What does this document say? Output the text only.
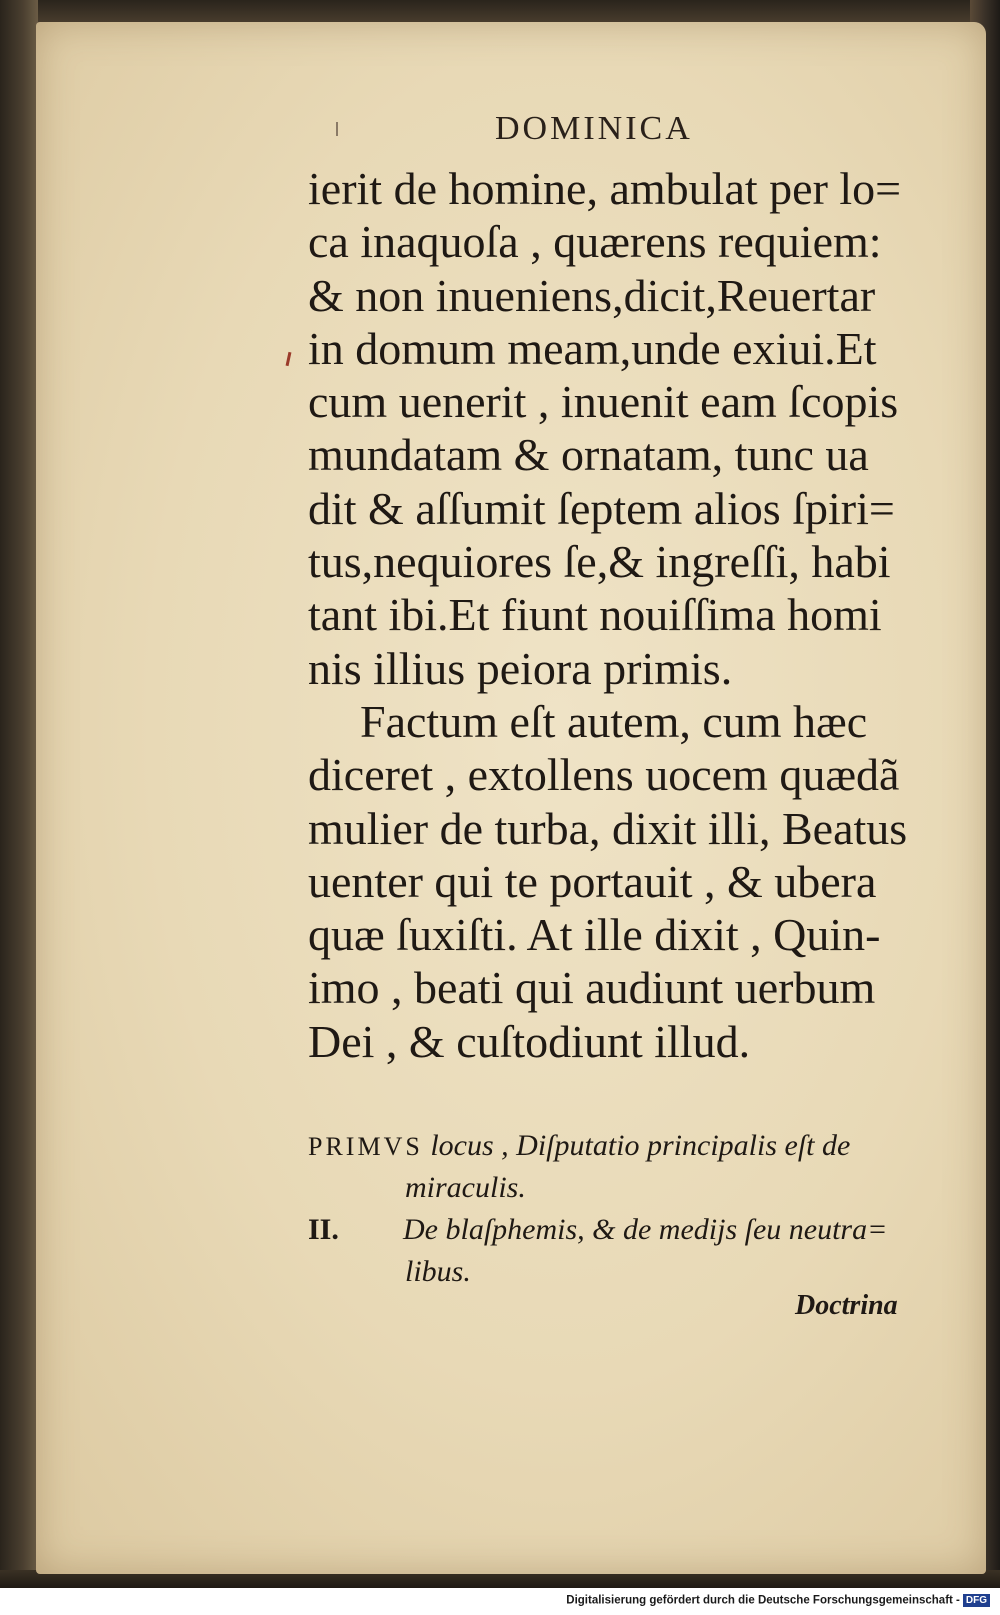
DOMINICA
ierit de homine, ambulat per lo=
ca inaquoſa , quærens requiem:
& non inueniens,dicit,Reuertar
in domum meam,unde exiui.Et
cum uenerit , inuenit eam ſcopis
mundatam & ornatam, tunc ua
dit & aſſumit ſeptem alios ſpiri=
tus,nequiores ſe,& ingreſſi, habi
tant ibi.Et fiunt nouiſſima homi
nis illius peiora primis.
Factum eſt autem, cum hæc
diceret , extollens uocem quædã
mulier de turba, dixit illi, Beatus
uenter qui te portauit , & ubera
quæ ſuxiſti. At ille dixit , Quin-
imo , beati qui audiunt uerbum
Dei , & cuſtodiunt illud.
PRIMVS locus , Diſputatio principalis eſt de
miraculis.
II. De blaſphemis, & de medijs ſeu neutra=
libus.
Doctrina
Digitalisierung gefördert durch die Deutsche Forschungsgemeinschaft - DFG
